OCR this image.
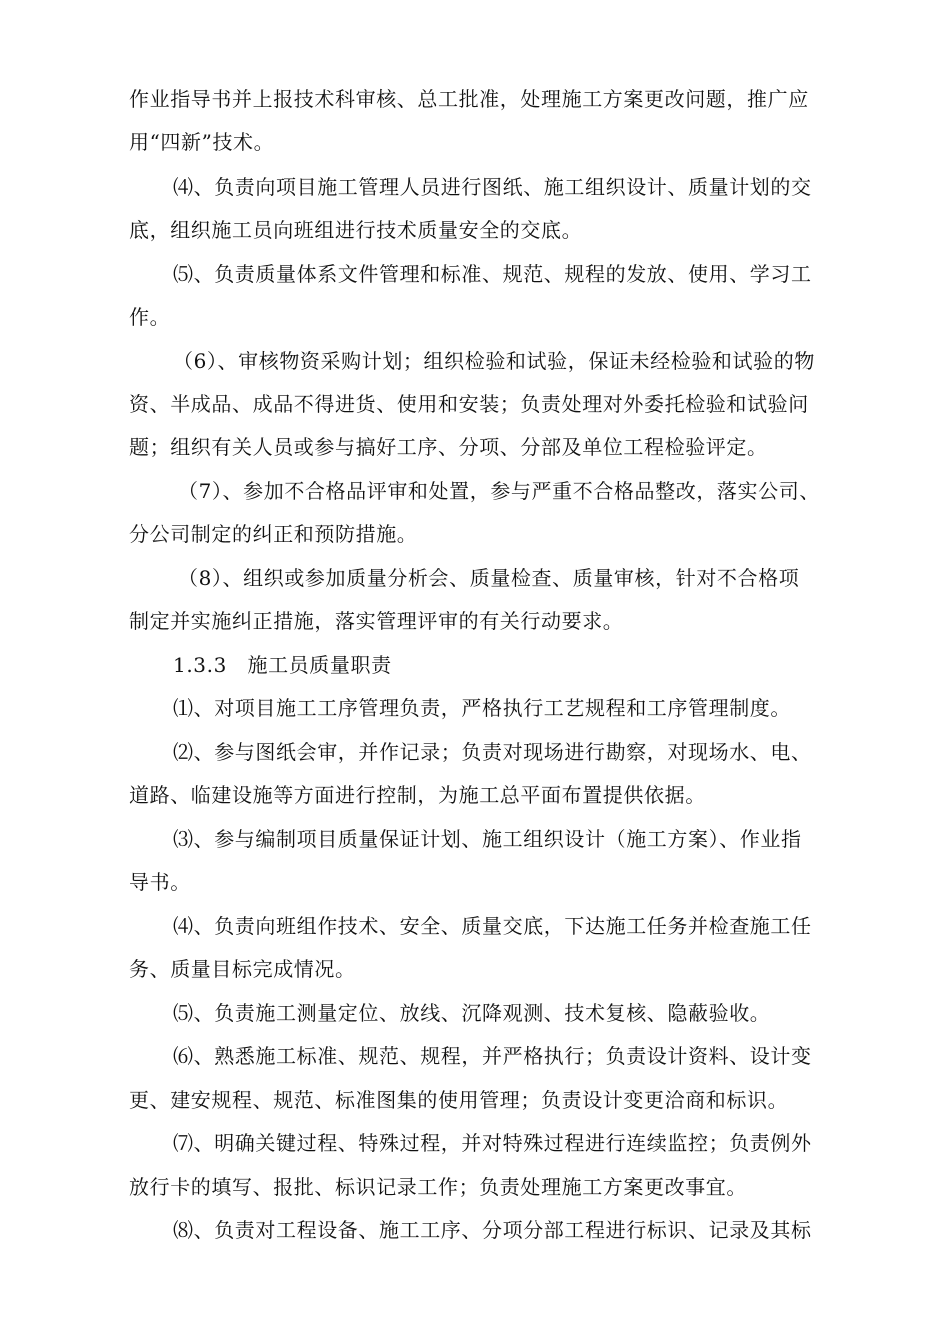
作业指导书并上报技术科审核、总工批准，处理施工方案更改问题，推广应
用“四新”技术。
⑷、负责向项目施工管理人员进行图纸、施工组织设计、质量计划的交
底，组织施工员向班组进行技术质量安全的交底。
⑸、负责质量体系文件管理和标准、规范、规程的发放、使用、学习工
作。
（6）、审核物资采购计划；组织检验和试验，保证未经检验和试验的物
资、半成品、成品不得进货、使用和安装；负责处理对外委托检验和试验问
题；组织有关人员或参与搞好工序、分项、分部及单位工程检验评定。
（7）、参加不合格品评审和处置，参与严重不合格品整改，落实公司、
分公司制定的纠正和预防措施。
（8）、组织或参加质量分析会、质量检查、质量审核，针对不合格项
制定并实施纠正措施，落实管理评审的有关行动要求。
1.3.3　施工员质量职责
⑴、对项目施工工序管理负责，严格执行工艺规程和工序管理制度。
⑵、参与图纸会审，并作记录；负责对现场进行勘察，对现场水、电、
道路、临建设施等方面进行控制，为施工总平面布置提供依据。
⑶、参与编制项目质量保证计划、施工组织设计（施工方案）、作业指
导书。
⑷、负责向班组作技术、安全、质量交底，下达施工任务并检查施工任
务、质量目标完成情况。
⑸、负责施工测量定位、放线、沉降观测、技术复核、隐蔽验收。
⑹、熟悉施工标准、规范、规程，并严格执行；负责设计资料、设计变
更、建安规程、规范、标准图集的使用管理；负责设计变更洽商和标识。
⑺、明确关键过程、特殊过程，并对特殊过程进行连续监控；负责例外
放行卡的填写、报批、标识记录工作；负责处理施工方案更改事宜。
⑻、负责对工程设备、施工工序、分项分部工程进行标识、记录及其标
